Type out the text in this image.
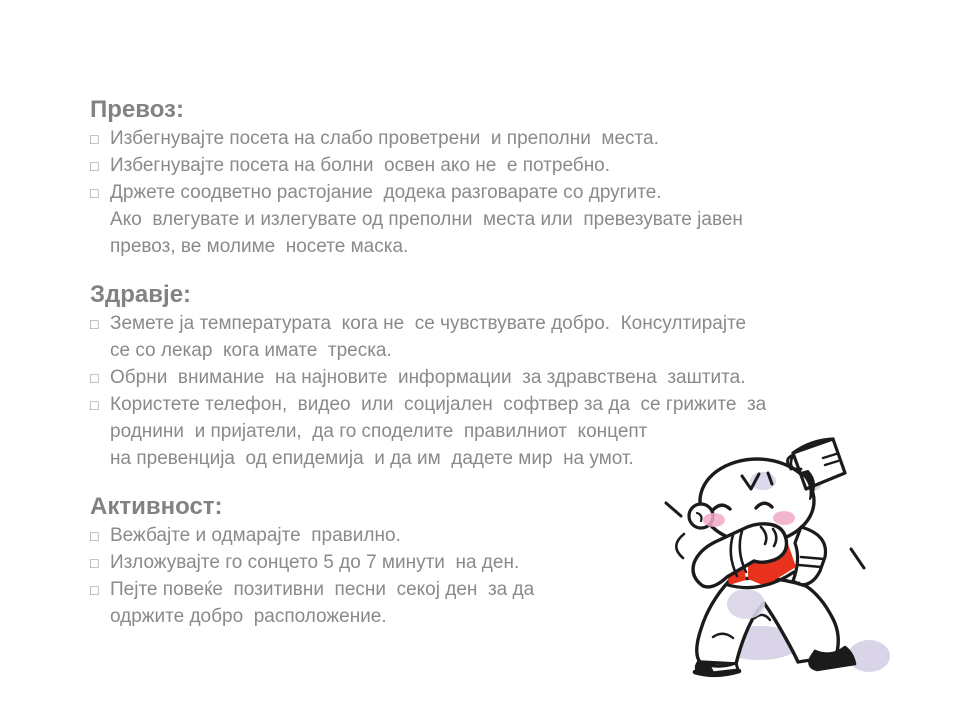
Превоз:
□ Избегнувајте посета на слабо проветрени  и преполни  места.
□ Избегнувајте посета на болни  освен ако не  е потребно.
□ Држете соодветно растојание  додека разговарате со другите.
Ако  влегувате и излегувате од преполни  места или  превезувате јавен
превоз, ве молиме  носете маска.
Здравје:
□ Земете ја температурата  кога не  се чувствувате добро.  Консултирајте
се со лекар  кога имате  треска.
□ Обрни  внимание  на најновите  информации  за здравствена  заштита.
□ Користете телефон,  видео  или  социјален  софтвер за да  се грижите  за
роднини  и пријатели,  да го споделите  правилниот  концепт
на превенција  од епидемија  и да им  дадете мир  на умот.
Активност:
□ Вежбајте и одмарајте  правилно.
□ Изложувајте го сонцето 5 до 7 минути  на ден.
□ Пејте повеќе  позитивни  песни  секој ден  за да
одржите добро  расположение.
